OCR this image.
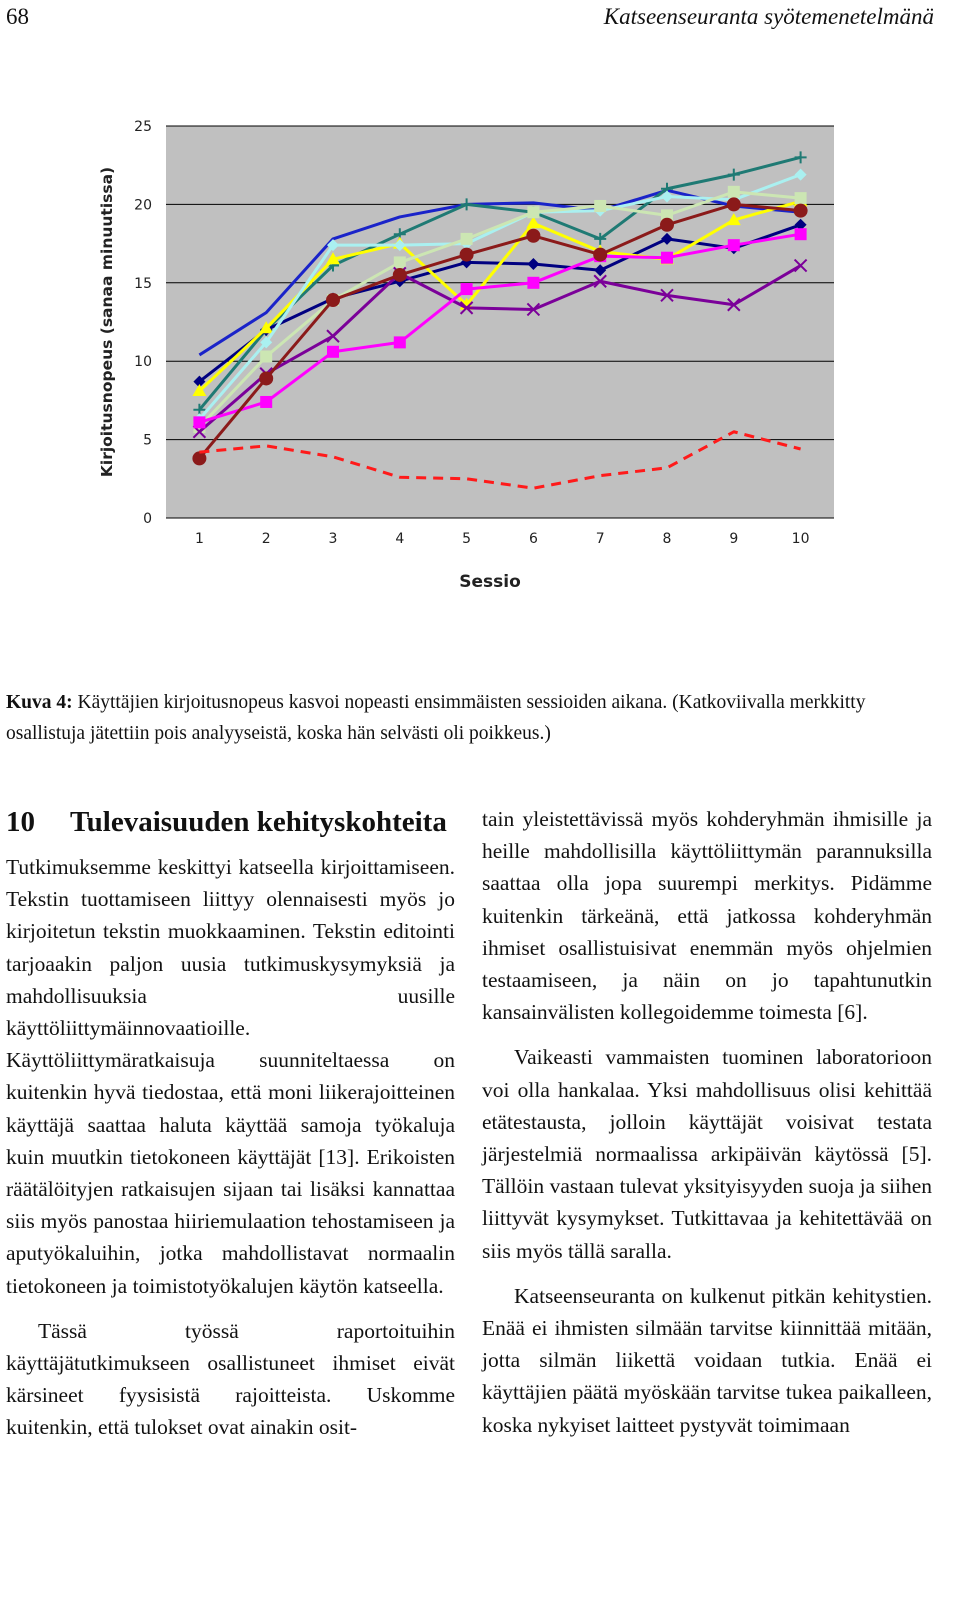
68	Katseenseuranta syötemenetelmänä
0
5
10
15
20
25
1	2	3	4	5	6	7	8	9	10
Sessio
Kirjoitusnopeus (sanaa minuutissa)
Kuva 4: Käyttäjien kirjoitusnopeus kasvoi nopeasti ensimmäisten sessioiden aikana. (Katkoviivalla merkkitty osallistuja jätettiin pois analyyseistä, koska hän selvästi oli poikkeus.)
10	Tulevaisuuden kehityskohteita

Tutkimuksemme keskittyi katseella kirjoittamiseen. Tekstin tuottamiseen liittyy olennaisesti myös jo kirjoitetun tekstin muokkaaminen. Tekstin editointi tarjoaakin paljon uusia tutkimuskysymyksiä ja mahdollisuuksia uusille käyttöliittymäinnovaatioille. Käyttöliittymäratkaisuja suunniteltaessa on kuitenkin hyvä tiedostaa, että moni liikerajoitteinen käyttäjä saattaa haluta käyttää samoja työkaluja kuin muutkin tietokoneen käyttäjät [13]. Erikoisten räätälöityjen ratkaisujen sijaan tai lisäksi kannattaa siis myös panostaa hiiriemulaation tehostamiseen ja aputyökaluihin, jotka mahdollistavat normaalin tietokoneen ja toimistotyökalujen käytön katseella.

Tässä työssä raportoituihin käyttäjätutkimukseen osallistuneet ihmiset eivät kärsineet fyysisistä rajoitteista. Uskomme kuitenkin, että tulokset ovat ainakin osit-

tain yleistettävissä myös kohderyhmän ihmisille ja heille mahdollisilla käyttöliittymän parannuksilla saattaa olla jopa suurempi merkitys. Pidämme kuitenkin tärkeänä, että jatkossa kohderyhmän ihmiset osallistuisivat enemmän myös ohjelmien testaamiseen, ja näin on jo tapahtunutkin kansainvälisten kollegoidemme toimesta [6].

Vaikeasti vammaisten tuominen laboratorioon voi olla hankalaa. Yksi mahdollisuus olisi kehittää etätestausta, jolloin käyttäjät voisivat testata järjestelmiä normaalissa arkipäivän käytössä [5]. Tällöin vastaan tulevat yksityisyyden suoja ja siihen liittyvät kysymykset. Tutkittavaa ja kehitettävää on siis myös tällä saralla.

Katseenseuranta on kulkenut pitkän kehitystien. Enää ei ihmisten silmään tarvitse kiinnittää mitään, jotta silmän liikettä voidaan tutkia. Enää ei käyttäjien päätä myöskään tarvitse tukea paikalleen, koska nykyiset laitteet pystyvät toimimaan
